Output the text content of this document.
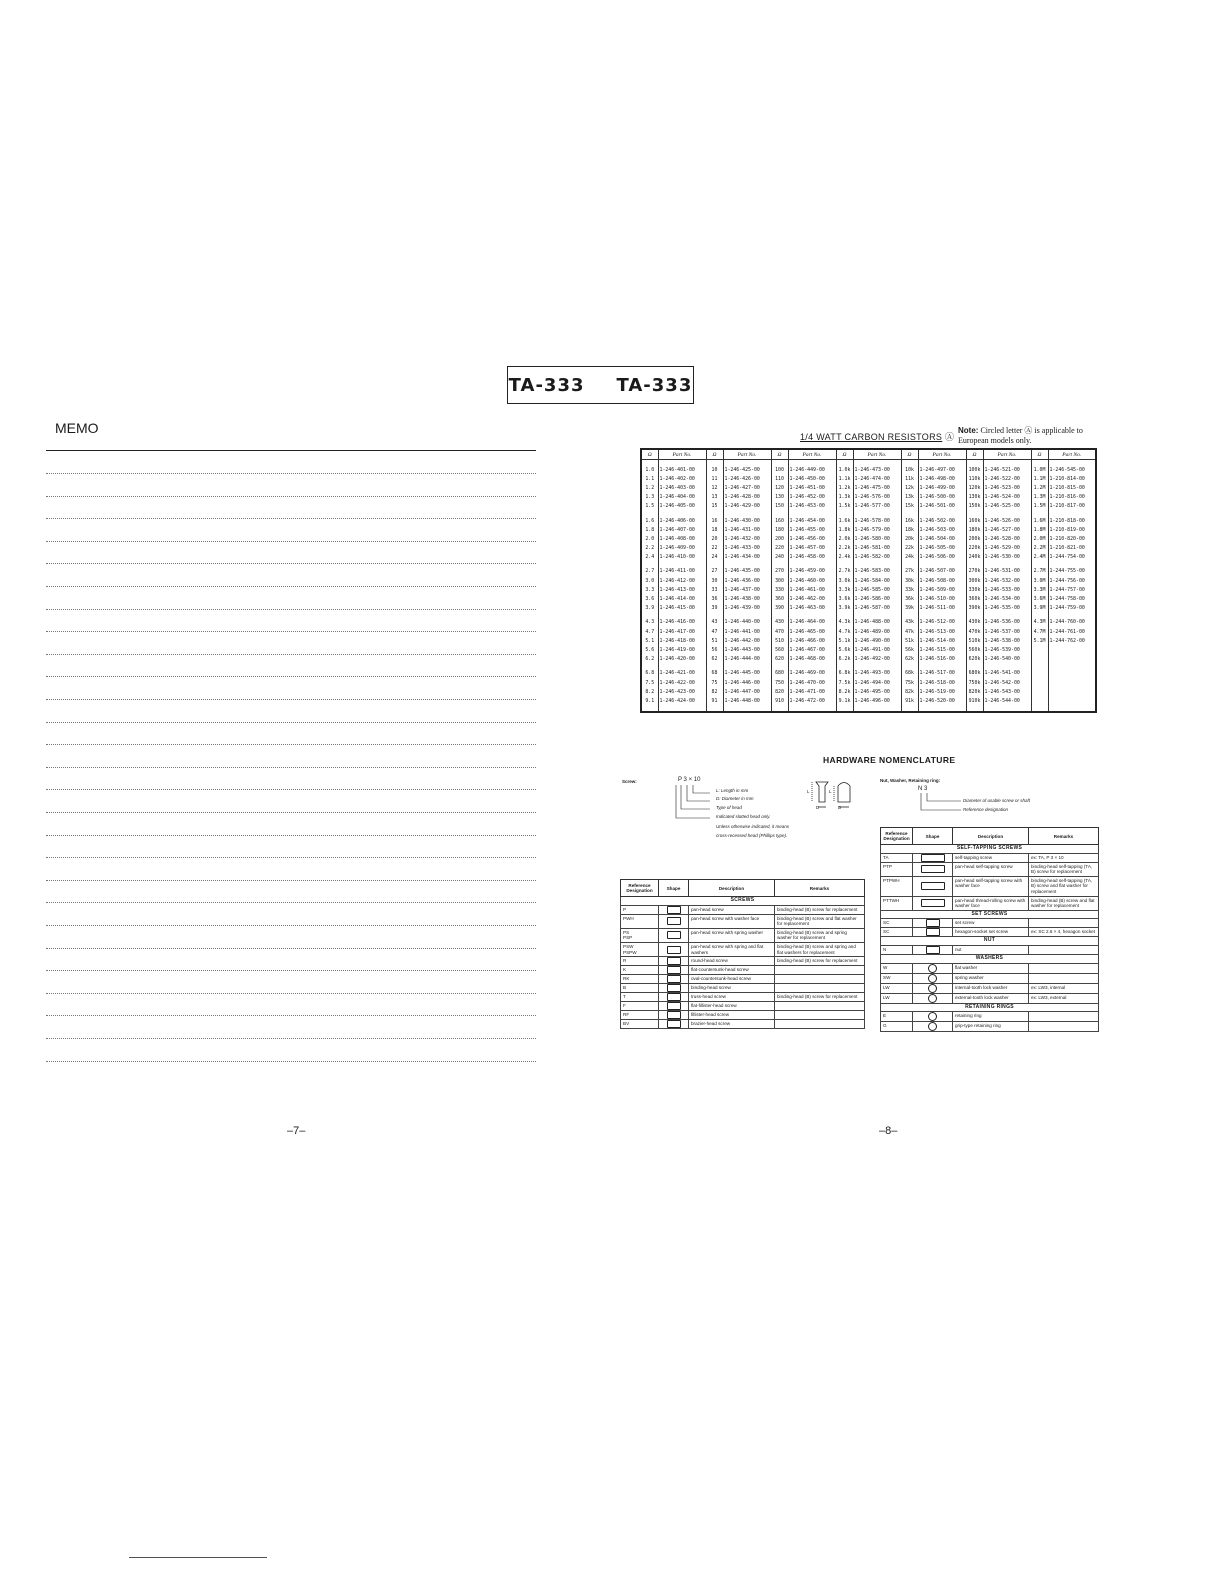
TA-333 TA-333
MEMO
–7–
1/4 WATT CARBON RESISTORS Ⓐ
Note: Circled letter Ⓐ is applicable to European models only.
Ω	Part No.	Ω	Part No.	Ω	Part No.	Ω	Part No.	Ω	Part No.	Ω	Part No.	Ω	Part No.

1.0	1-246-401-00	10	1-246-425-00	100	1-246-449-00	1.0k	1-246-473-00	10k	1-246-497-00	100k	1-246-521-00	1.0M	1-246-545-00
1.1	1-246-402-00	11	1-246-426-00	110	1-246-450-00	1.1k	1-246-474-00	11k	1-246-498-00	110k	1-246-522-00	1.1M	1-210-814-00
1.2	1-246-403-00	12	1-246-427-00	120	1-246-451-00	1.2k	1-246-475-00	12k	1-246-499-00	120k	1-246-523-00	1.2M	1-210-815-00
1.3	1-246-404-00	13	1-246-428-00	130	1-246-452-00	1.3k	1-246-576-00	13k	1-246-500-00	130k	1-246-524-00	1.3M	1-210-816-00
1.5	1-246-405-00	15	1-246-429-00	150	1-246-453-00	1.5k	1-246-577-00	15k	1-246-501-00	150k	1-246-525-00	1.5M	1-210-817-00

1.6	1-246-406-00	16	1-246-430-00	160	1-246-454-00	1.6k	1-246-578-00	16k	1-246-502-00	160k	1-246-526-00	1.6M	1-210-818-00
1.8	1-246-407-00	18	1-246-431-00	180	1-246-455-00	1.8k	1-246-579-00	18k	1-246-503-00	180k	1-246-527-00	1.8M	1-210-819-00
2.0	1-246-408-00	20	1-246-432-00	200	1-246-456-00	2.0k	1-246-580-00	20k	1-246-504-00	200k	1-246-528-00	2.0M	1-210-820-00
2.2	1-246-409-00	22	1-246-433-00	220	1-246-457-00	2.2k	1-246-581-00	22k	1-246-505-00	220k	1-246-529-00	2.2M	1-210-821-00
2.4	1-246-410-00	24	1-246-434-00	240	1-246-458-00	2.4k	1-246-582-00	24k	1-246-506-00	240k	1-246-530-00	2.4M	1-244-754-00

2.7	1-246-411-00	27	1-246-435-00	270	1-246-459-00	2.7k	1-246-583-00	27k	1-246-507-00	270k	1-246-531-00	2.7M	1-244-755-00
3.0	1-246-412-00	30	1-246-436-00	300	1-246-460-00	3.0k	1-246-584-00	30k	1-246-508-00	300k	1-246-532-00	3.0M	1-244-756-00
3.3	1-246-413-00	33	1-246-437-00	330	1-246-461-00	3.3k	1-246-585-00	33k	1-246-509-00	330k	1-246-533-00	3.3M	1-244-757-00
3.6	1-246-414-00	36	1-246-438-00	360	1-246-462-00	3.6k	1-246-586-00	36k	1-246-510-00	360k	1-246-534-00	3.6M	1-244-758-00
3.9	1-246-415-00	39	1-246-439-00	390	1-246-463-00	3.9k	1-246-587-00	39k	1-246-511-00	390k	1-246-535-00	3.9M	1-244-759-00

4.3	1-246-416-00	43	1-246-440-00	430	1-246-464-00	4.3k	1-246-488-00	43k	1-246-512-00	430k	1-246-536-00	4.3M	1-244-760-00
4.7	1-246-417-00	47	1-246-441-00	470	1-246-465-00	4.7k	1-246-489-00	47k	1-246-513-00	470k	1-246-537-00	4.7M	1-244-761-00
5.1	1-246-418-00	51	1-246-442-00	510	1-246-466-00	5.1k	1-246-490-00	51k	1-246-514-00	510k	1-246-538-00	5.1M	1-244-762-00
5.6	1-246-419-00	56	1-246-443-00	560	1-246-467-00	5.6k	1-246-491-00	56k	1-246-515-00	560k	1-246-539-00		
6.2	1-246-420-00	62	1-246-444-00	620	1-246-468-00	6.2k	1-246-492-00	62k	1-246-516-00	620k	1-246-540-00		

6.8	1-246-421-00	68	1-246-445-00	680	1-246-469-00	6.8k	1-246-493-00	68k	1-246-517-00	680k	1-246-541-00		
7.5	1-246-422-00	75	1-246-446-00	750	1-246-470-00	7.5k	1-246-494-00	75k	1-246-518-00	750k	1-246-542-00		
8.2	1-246-423-00	82	1-246-447-00	820	1-246-471-00	8.2k	1-246-495-00	82k	1-246-519-00	820k	1-246-543-00		
9.1	1-246-424-00	91	1-246-448-00	910	1-246-472-00	9.1k	1-246-496-00	91k	1-246-520-00	910k	1-246-544-00		

HARDWARE NOMENCLATURE
Screw:	P 3 × 10
L: Length in mm
D: Diameter in mm
Type of head
Indicated slotted head only.
Unless otherwise indicated, it means
cross-recessed head (Phillips type).
L	L
D	D
Nut, Washer, Retaining ring:
N 3
Diameter of usable screw or shaft
Reference designation
Reference Designation	Shape	Description	Remarks
SCREWS			
P		pan-head screw	binding-head (B) screw for replacement
PWH		pan-head screw with washer face	binding-head (B) screw and flat washer for replacement
PS
PSP		pan-head screw with spring washer	binding-head (B) screw and spring washer for replacement
PSW
PSPW		pan-head screw with spring and flat washers	binding-head (B) screw and spring and flat washers for replacement
R		round-head screw	binding-head (B) screw for replacement
K		flat-countersunk-head screw	
RK		oval-countersunk-head screw	
B		binding-head screw	
T		truss-head screw	binding-head (B) screw for replacement
F		flat-fillister-head screw	
RF		fillister-head screw	
BV		brazier-head screw	
Reference Designation	Shape	Description	Remarks
SELF-TAPPING SCREWS			
TA		self-tapping screw	ex: TA, P 3 × 10
PTP		pan-head self-tapping screw	binding-head self-tapping (TA, B) screw for replacement
PTPWH		pan-head self-tapping screw with washer face	binding-head self-tapping (TA, B) screw and flat washer for replacement
PTTWH		pan-head thread-rolling screw with washer face	binding-head (B) screw and flat washer for replacement
SET SCREWS			
SC		set screw	
SC		hexagon-socket set screw	ex: SC 2.6 × 4, hexagon socket
NUT			
N		nut	
WASHERS			
W		flat washer	
SW		spring washer	
LW		internal-tooth lock washer	ex: LW3, internal
LW		external-tooth lock washer	ex: LW3, external
RETAINING RINGS			
E		retaining ring	
G		grip-type retaining ring	
–8–
